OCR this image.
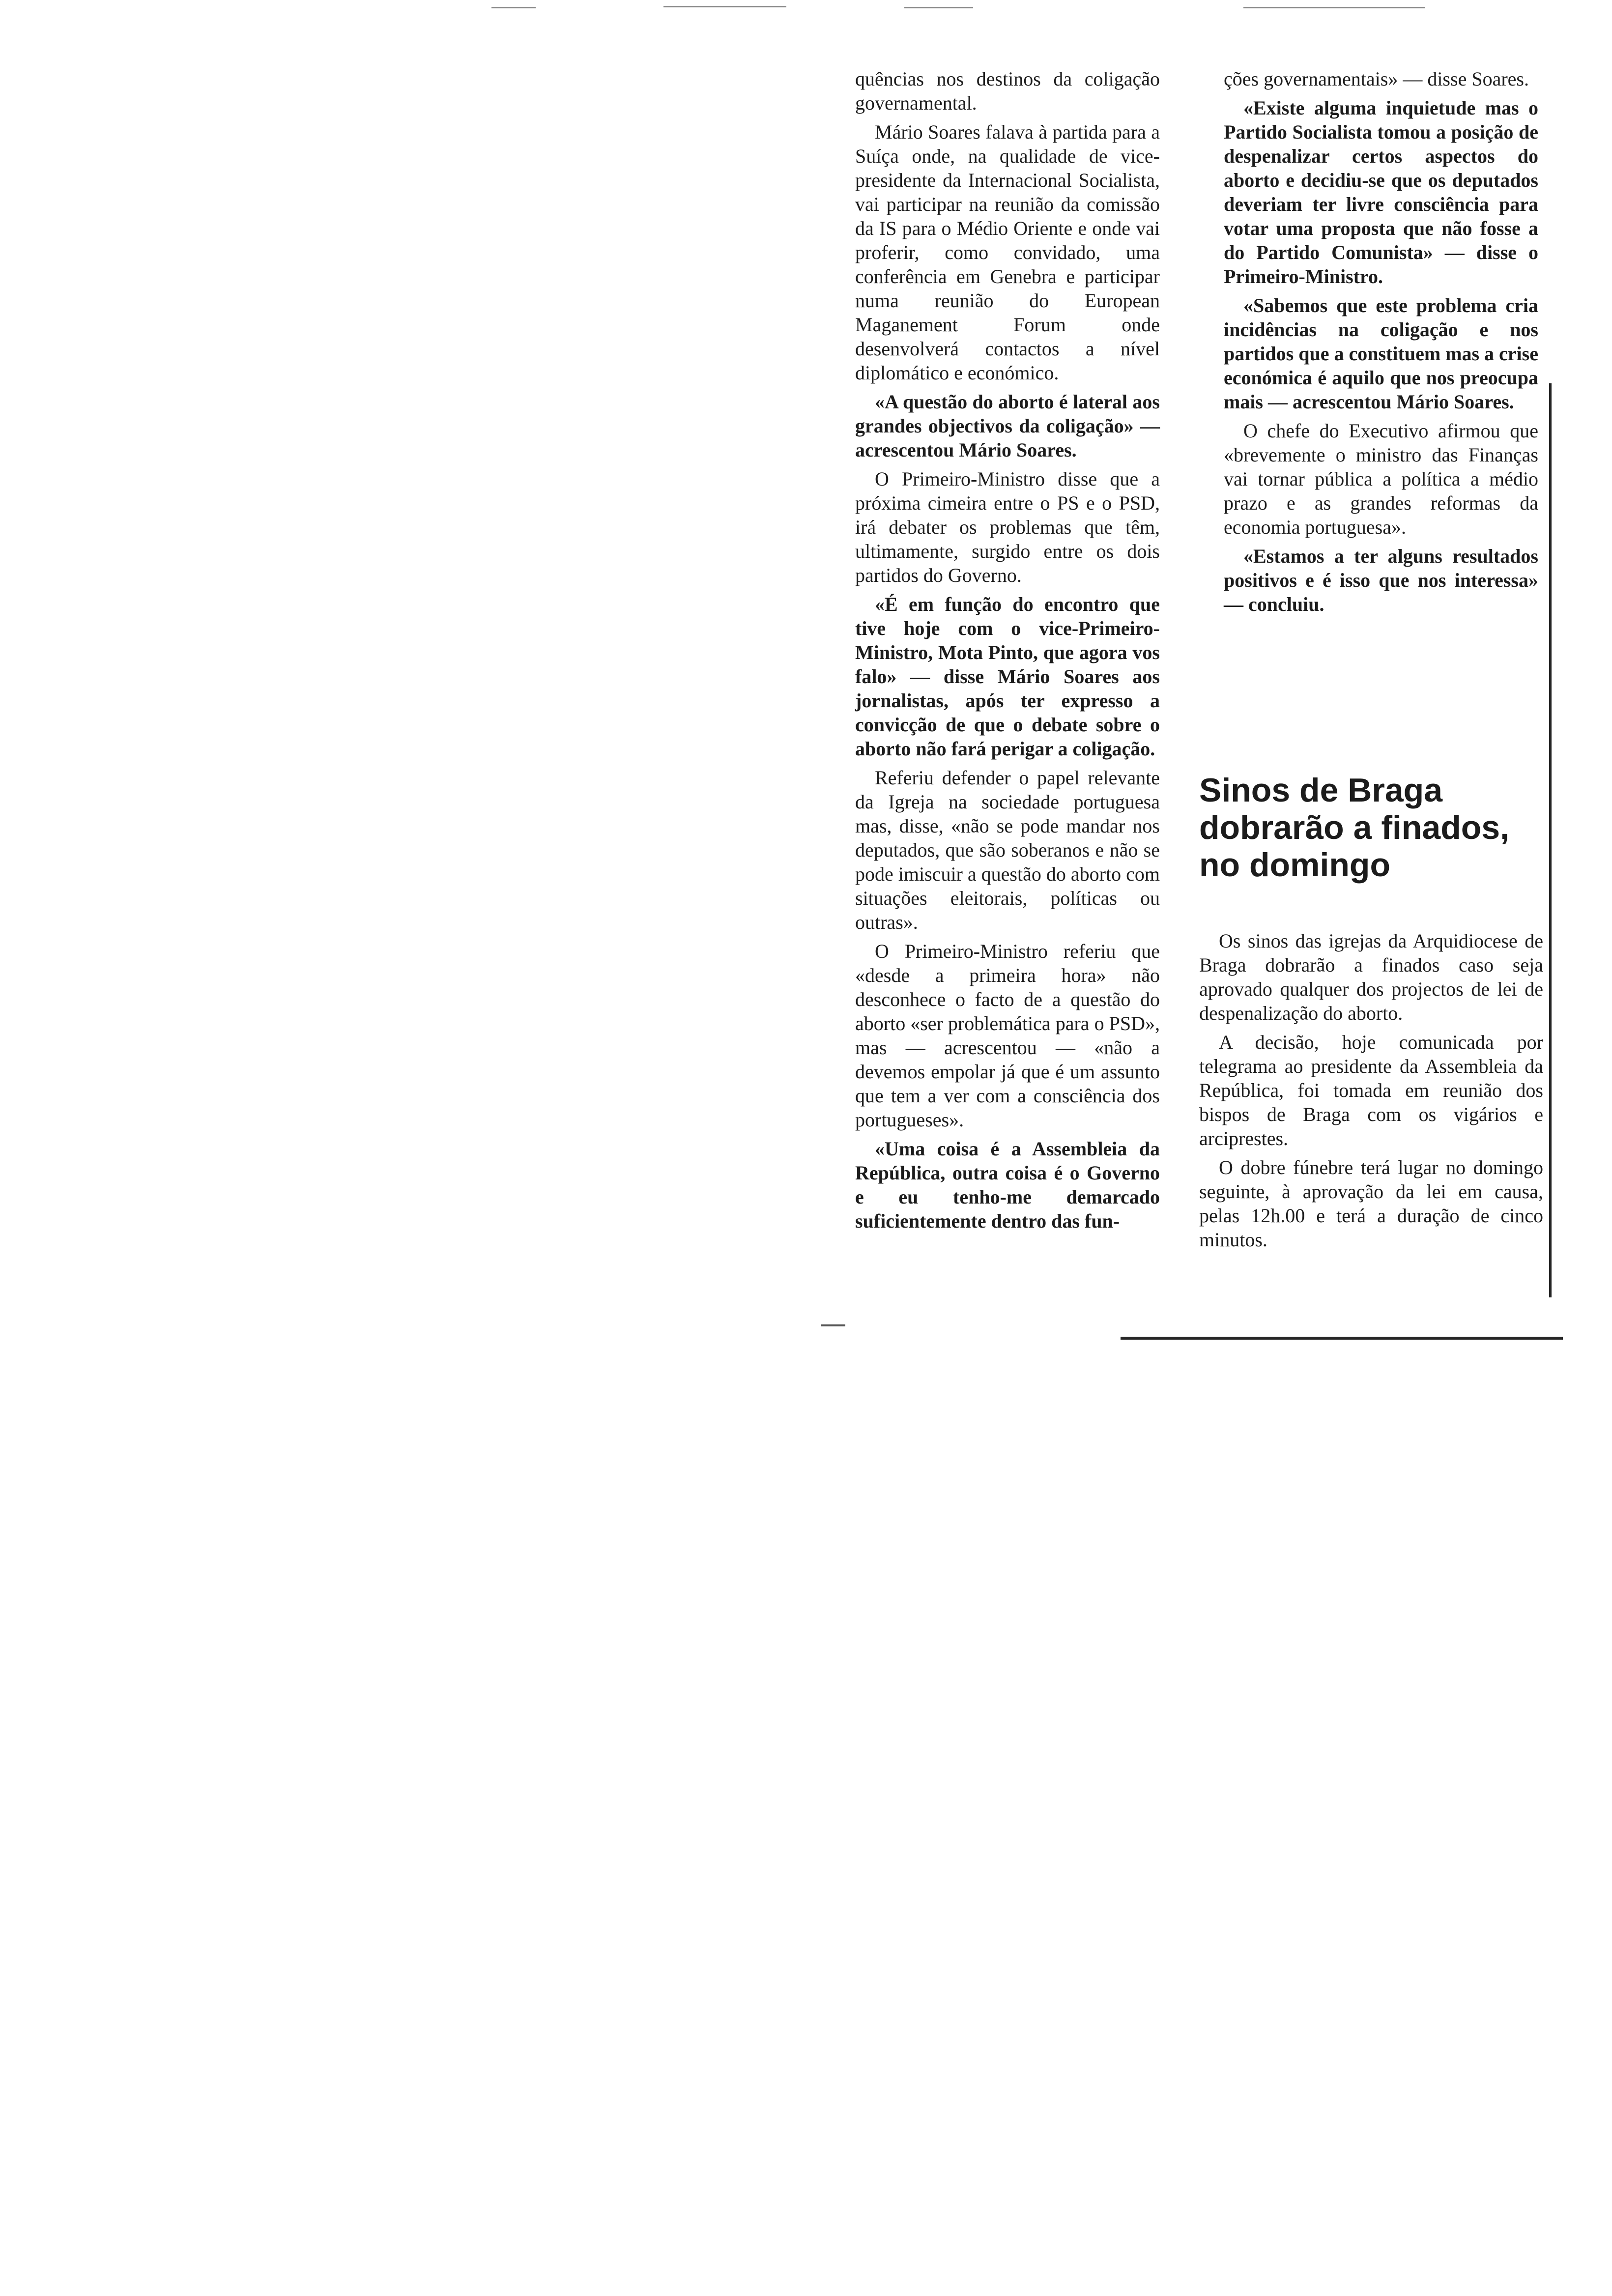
quências nos destinos da coligação governamental.

Mário Soares falava à partida para a Suíça onde, na qualidade de vice-presidente da Internacional Socialista, vai participar na reunião da comissão da IS para o Médio Oriente e onde vai proferir, como convidado, uma conferência em Genebra e participar numa reunião do European Maganement Forum onde desenvolverá contactos a nível diplomático e económico.

«A questão do aborto é lateral aos grandes objectivos da coligação» — acrescentou Mário Soares.

O Primeiro-Ministro disse que a próxima cimeira entre o PS e o PSD, irá debater os problemas que têm, ultimamente, surgido entre os dois partidos do Governo.

«É em função do encontro que tive hoje com o vice-Primeiro-Ministro, Mota Pinto, que agora vos falo» — disse Mário Soares aos jornalistas, após ter expresso a convicção de que o debate sobre o aborto não fará perigar a coligação.

Referiu defender o papel relevante da Igreja na sociedade portuguesa mas, disse, «não se pode mandar nos deputados, que são soberanos e não se pode imiscuir a questão do aborto com situações eleitorais, políticas ou outras».

O Primeiro-Ministro referiu que «desde a primeira hora» não desconhece o facto de a questão do aborto «ser problemática para o PSD», mas — acrescentou — «não a devemos empolar já que é um assunto que tem a ver com a consciência dos portugueses».

«Uma coisa é a Assembleia da República, outra coisa é o Governo e eu tenho-me demarcado suficientemente dentro das fun-

ções governamentais» — disse Soares.

«Existe alguma inquietude mas o Partido Socialista tomou a posição de despenalizar certos aspectos do aborto e decidiu-se que os deputados deveriam ter livre consciência para votar uma proposta que não fosse a do Partido Comunista» — disse o Primeiro-Ministro.

«Sabemos que este problema cria incidências na coligação e nos partidos que a constituem mas a crise económica é aquilo que nos preocupa mais — acrescentou Mário Soares.

O chefe do Executivo afirmou que «brevemente o ministro das Finanças vai tornar pública a política a médio prazo e as grandes reformas da economia portuguesa».

«Estamos a ter alguns resultados positivos e é isso que nos interessa» — concluiu.

Sinos de Braga dobrarão a finados, no domingo

Os sinos das igrejas da Arquidiocese de Braga dobrarão a finados caso seja aprovado qualquer dos projectos de lei de despenalização do aborto.

A decisão, hoje comunicada por telegrama ao presidente da Assembleia da República, foi tomada em reunião dos bispos de Braga com os vigários e arciprestes.

O dobre fúnebre terá lugar no domingo seguinte, à aprovação da lei em causa, pelas 12h.00 e terá a duração de cinco minutos.
